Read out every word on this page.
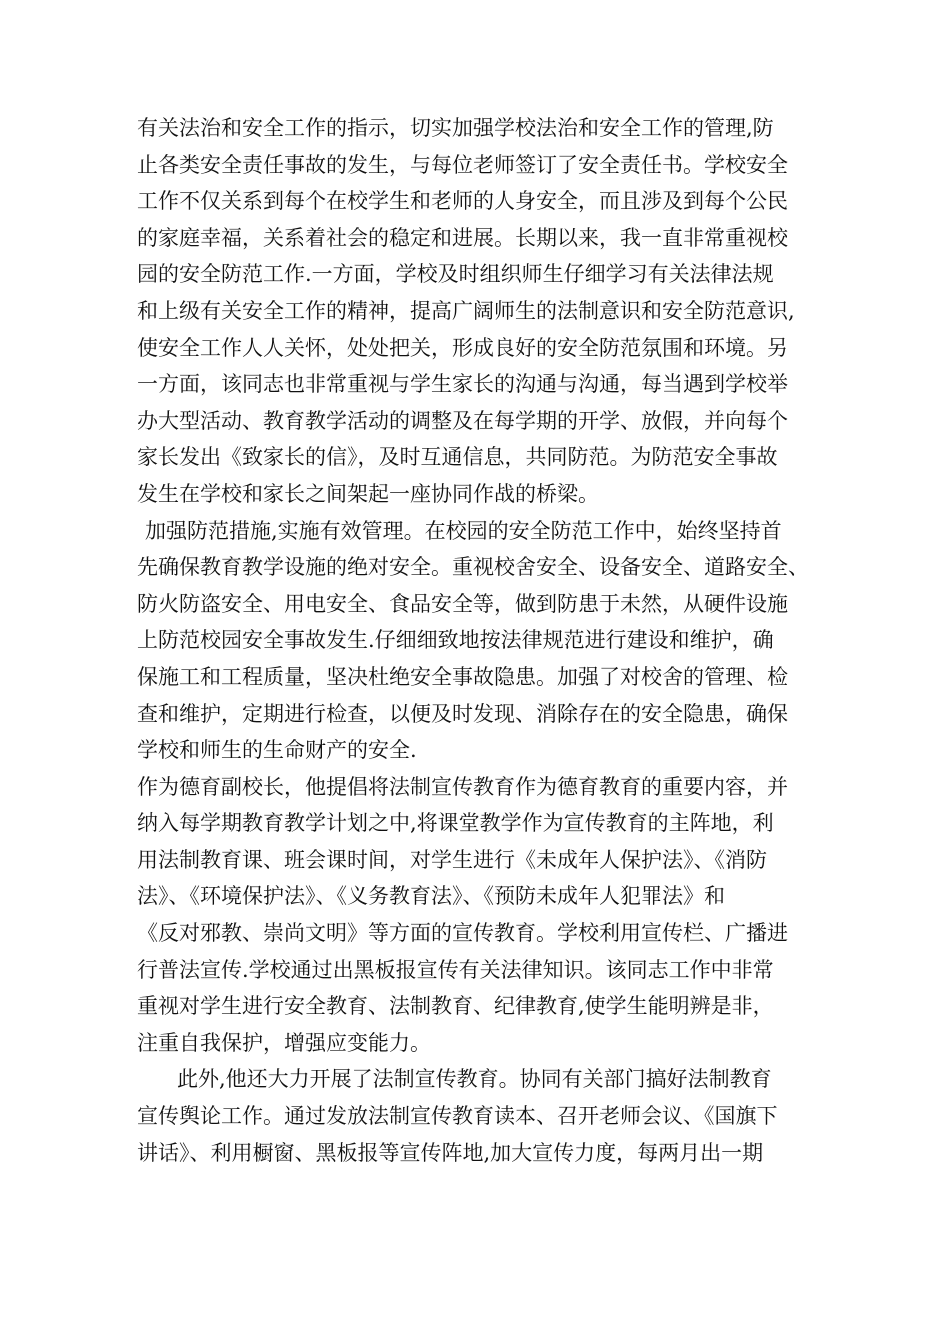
有关法治和安全工作的指示，切实加强学校法治和安全工作的管理,防
止各类安全责任事故的发生，与每位老师签订了安全责任书。学校安全
工作不仅关系到每个在校学生和老师的人身安全，而且涉及到每个公民
的家庭幸福，关系着社会的稳定和进展。长期以来，我一直非常重视校
园的安全防范工作.一方面，学校及时组织师生仔细学习有关法律法规
和上级有关安全工作的精神，提高广阔师生的法制意识和安全防范意识,
使安全工作人人关怀，处处把关，形成良好的安全防范氛围和环境。另
一方面，该同志也非常重视与学生家长的沟通与沟通，每当遇到学校举
办大型活动、教育教学活动的调整及在每学期的开学、放假，并向每个
家长发出《致家长的信》，及时互通信息，共同防范。为防范安全事故
发生在学校和家长之间架起一座协同作战的桥梁。
加强防范措施,实施有效管理。在校园的安全防范工作中，始终坚持首
先确保教育教学设施的绝对安全。重视校舍安全、设备安全、道路安全、
防火防盗安全、用电安全、食品安全等，做到防患于未然，从硬件设施
上防范校园安全事故发生.仔细细致地按法律规范进行建设和维护，确
保施工和工程质量，坚决杜绝安全事故隐患。加强了对校舍的管理、检
查和维护，定期进行检查，以便及时发现、消除存在的安全隐患，确保
学校和师生的生命财产的安全.
作为德育副校长，他提倡将法制宣传教育作为德育教育的重要内容，并
纳入每学期教育教学计划之中,将课堂教学作为宣传教育的主阵地，利
用法制教育课、班会课时间，对学生进行《未成年人保护法》、《消防
法》、《环境保护法》、《义务教育法》、《预防未成年人犯罪法》和
《反对邪教、崇尚文明》等方面的宣传教育。学校利用宣传栏、广播进
行普法宣传.学校通过出黑板报宣传有关法律知识。该同志工作中非常
重视对学生进行安全教育、法制教育、纪律教育,使学生能明辨是非，
注重自我保护，增强应变能力。
此外,他还大力开展了法制宣传教育。协同有关部门搞好法制教育
宣传舆论工作。通过发放法制宣传教育读本、召开老师会议、《国旗下
讲话》、利用橱窗、黑板报等宣传阵地,加大宣传力度，每两月出一期
